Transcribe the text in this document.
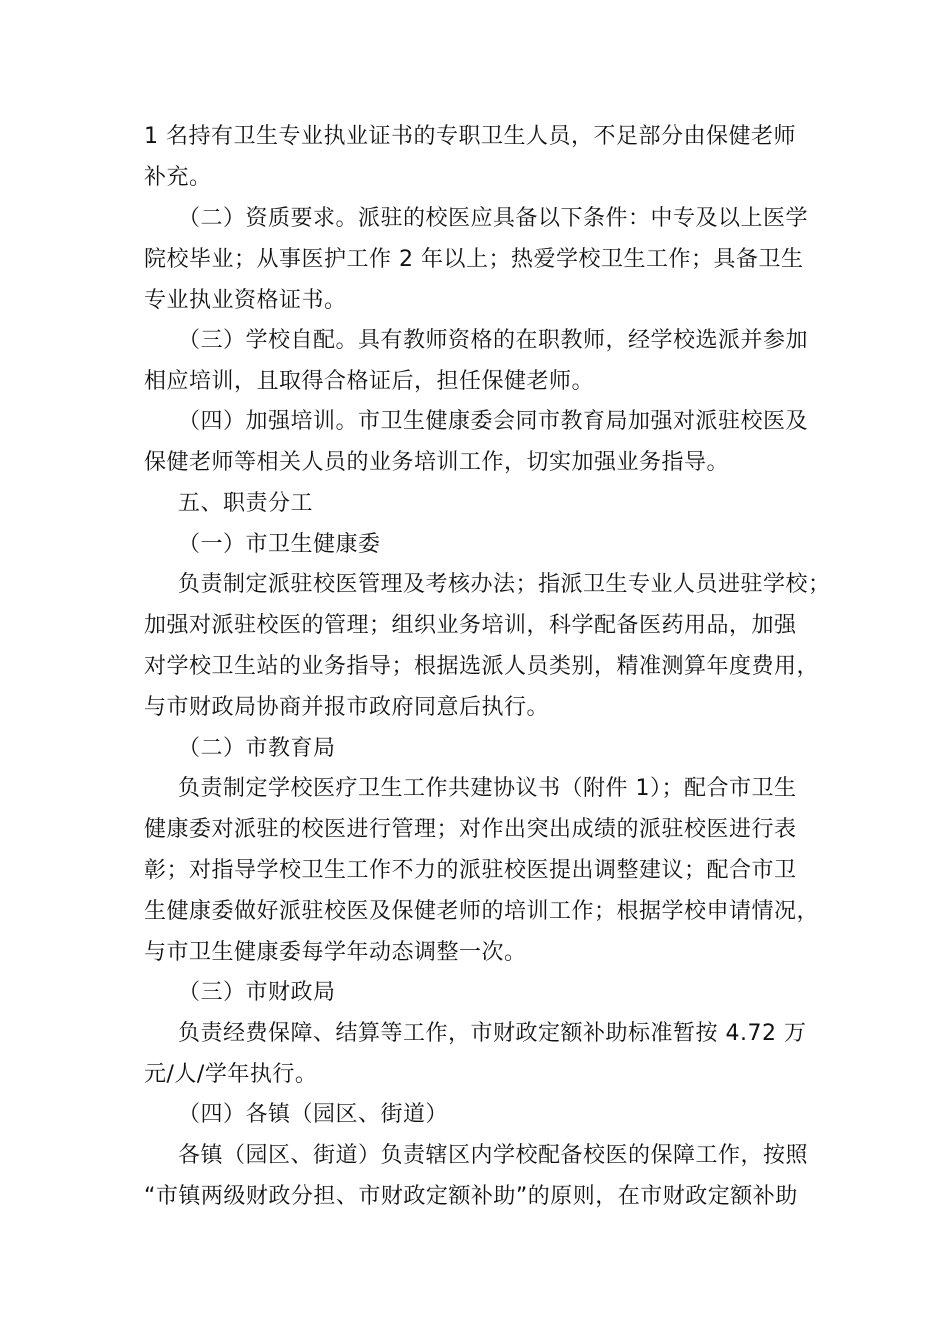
1 名持有卫生专业执业证书的专职卫生人员，不足部分由保健老师
补充。
（二）资质要求。派驻的校医应具备以下条件：中专及以上医学
院校毕业；从事医护工作 2 年以上；热爱学校卫生工作；具备卫生
专业执业资格证书。
（三）学校自配。具有教师资格的在职教师，经学校选派并参加
相应培训，且取得合格证后，担任保健老师。
（四）加强培训。市卫生健康委会同市教育局加强对派驻校医及
保健老师等相关人员的业务培训工作，切实加强业务指导。
五、职责分工
（一）市卫生健康委
负责制定派驻校医管理及考核办法；指派卫生专业人员进驻学校；
加强对派驻校医的管理；组织业务培训，科学配备医药用品，加强
对学校卫生站的业务指导；根据选派人员类别，精准测算年度费用，
与市财政局协商并报市政府同意后执行。
（二）市教育局
负责制定学校医疗卫生工作共建协议书（附件 1）；配合市卫生
健康委对派驻的校医进行管理；对作出突出成绩的派驻校医进行表
彰；对指导学校卫生工作不力的派驻校医提出调整建议；配合市卫
生健康委做好派驻校医及保健老师的培训工作；根据学校申请情况，
与市卫生健康委每学年动态调整一次。
（三）市财政局
负责经费保障、结算等工作，市财政定额补助标准暂按 4.72 万
元/人/学年执行。
（四）各镇（园区、街道）
各镇（园区、街道）负责辖区内学校配备校医的保障工作，按照
“市镇两级财政分担、市财政定额补助”的原则，在市财政定额补助
